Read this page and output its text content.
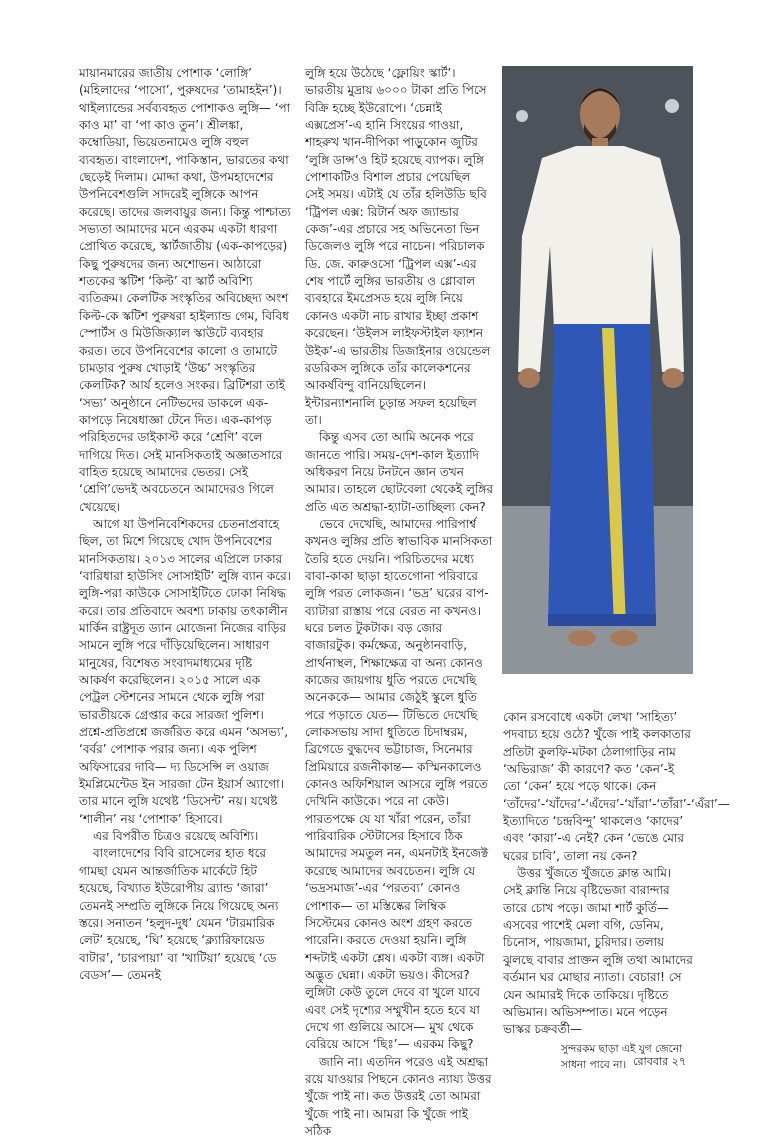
মায়ানমারের জাতীয় পোশাক ‘লোঙ্গি’ (মহিলাদের ‘পাসো’, পুরুষদের ‘তামাহইন’)। থাইল্যান্ডের সর্বব্যবহৃত পোশাকও লুঙ্গি— ‘পা কাও মা’ বা ‘পা কাও তুন’। শ্রীলঙ্কা, কম্বোডিয়া, ভিয়েতনামেও লুঙ্গি বহুল ব্যবহৃত। বাংলাদেশ, পাকিস্তান, ভারতের কথা ছেড়েই দিলাম। মোদ্দা কথা, উপমহাদেশের উপনিবেশগুলি সাদরেই লুঙ্গিকে আপন করেছে। তাদের জলবায়ুর জন্য। কিন্তু পাশ্চাত্য সভ্যতা আমাদের মনে এরকম একটা ধারণা প্রোথিত করেছে, স্কার্টজাতীয় (এক-কাপড়ের) কিছু পুরুষদের জন্য অশোভন। আঠারো শতকের স্কটিশ ‘কিল্ট’ বা স্কার্ট অবিশ্যি ব্যতিক্রম। কেলটিক সংস্কৃতির অবিচ্ছেদ্য অংশ কিল্ট-কে স্কটিশ পুরুষরা হাইল্যান্ড গেম, বিবিধ স্পোর্টস ও মিউজিক্যাল স্কাউটে ব্যবহার করত। তবে উপনিবেশের কালো ও তামাটে চামড়ার পুরুষ খোড়াই ‘উচ্চ’ সংস্কৃতির কেলটিক? আর্য হলেও সংকর। ব্রিটিশরা তাই ‘সভ্য’ অনুষ্ঠানে নেটিভদের ডাকলে এক-কাপড়ে নিষেধাজ্ঞা টেনে দিত। এক-কাপড় পরিহিতদের ডাইকাস্ট করে ‘শ্রেণি’ বলে দাগিয়ে দিত। সেই মানসিকতাই অজ্ঞাতসারে বাহিত হয়েছে আমাদের ভেতর। সেই ‘শ্রেণি’ভেদই অবচেতনে আমাদেরও গিলে খেয়েছে।

আগে যা উপনিবেশিকদের চেতনাপ্রবাহে ছিল, তা মিশে গিয়েছে খোদ উপনিবেশের মানসিকতায়। ২০১৩ সালের এপ্রিলে ঢাকার ‘বারিধারা হাউসিং সোসাইটি’ লুঙ্গি ব্যান করে। লুঙ্গি-পরা কাউকে সোসাইটিতে ঢোকা নিষিদ্ধ করে। তার প্রতিবাদে অবশ্য ঢাকায় তৎকালীন মার্কিন রাষ্ট্রদূত ড্যান মোজেনা নিজের বাড়ির সামনে লুঙ্গি পরে দাঁড়িয়েছিলেন। সাধারণ মানুষের, বিশেষত সংবাদমাধ্যমের দৃষ্টি আকর্ষণ করেছিলেন। ২০১৫ সালে এক পেট্রল স্টেশনের সামনে থেকে লুঙ্গি পরা ভারতীয়কে গ্রেপ্তার করে সারজা পুলিশ। প্রশ্নে-প্রতিপ্রশ্নে জর্জরিত করে এমন ‘অসভ্য’, ‘বর্বর’ পোশাক পরার জন্য। এক পুলিশ অফিসারের দাবি— দ্য ডিসেন্সি ল ওয়াজ ইমপ্লিমেন্টেড ইন সারজা টেন ইয়ার্স অ্যাগো। তার মানে লুঙ্গি যথেষ্ট ‘ডিসেন্ট’ নয়। যথেষ্ট ‘শালীন’ নয় ‘পোশাক’ হিসাবে।

এর বিপরীত চিত্রও রয়েছে অবিশ্যি।

বাংলাদেশের বিবি রাসেলের হাত ধরে গামছা যেমন আন্তর্জাতিক মার্কেটে হিট হয়েছে, বিখ্যাত ইউরোপীয় ব্র্যান্ড ‘জারা’ তেমনই সম্প্রতি লুঙ্গিকে নিয়ে গিয়েছে অন্য স্তরে। সনাতন ‘হলুদ-দুধ’ যেমন ‘টারমারিক লেট’ হয়েছে, ‘ঘি’ হয়েছে ‘ক্ল্যারিফায়েড বাটার’, ‘চারপায়া’ বা ‘খাটিয়া’ হয়েছে ‘ডে বেডস’— তেমনই

লুঙ্গি হয়ে উঠেছে ‘ফ্লোয়িং স্কার্ট’। ভারতীয় মুদ্রায় ৬০০০ টাকা প্রতি পিসে বিক্রি হচ্ছে ইউরোপে। ‘চেন্নাই এক্সপ্রেস’-এ হানি সিংয়ের গাওয়া, শাহরুখ খান-দীপিকা পাড়ুকোন জুটির ‘লুঙ্গি ডান্স’ও হিট হয়েছে ব্যাপক। লুঙ্গি পোশাকটিও বিশাল প্রচার পেয়েছিল সেই সময়। এটাই যে তাঁর হলিউডি ছবি ‘ট্রিপল এক্স: রিটার্ন অফ জ্যান্ডার কেজ’-এর প্রচারে সহ অভিনেতা ভিন ডিজেলও লুঙ্গি পরে নাচেন। পরিচালক ডি. জে. কারুওসো ‘ট্রিপল এক্স’-এর শেষ পার্টে লুঙ্গির ভারতীয় ও গ্লোবাল ব্যবহারে ইমপ্রেসড হয়ে লুঙ্গি নিয়ে কোনও একটা নাচ রাখার ইচ্ছা প্রকাশ করেছেন। ‘উইলস লাইফস্টাইল ফ্যাশন উইক’-এ ভারতীয় ডিজাইনার ওয়েন্ডেল রডরিকস লুঙ্গিকে তাঁর কালেকশনের আকর্ষবিন্দু বানিয়েছিলেন। ইন্টারন্যাশনালি চূড়ান্ত সফল হয়েছিল তা।

কিন্তু এসব তো আমি অনেক পরে জানতে পারি। সময়-দেশ-কাল ইত্যাদি অধিকরণ নিয়ে টনটনে জ্ঞান তখন আমার। তাহলে ছোটবেলা থেকেই লুঙ্গির প্রতি এত অশ্রদ্ধা-হ্যাটা-তাচ্ছিল্য কেন?

ভেবে দেখেছি, আমাদের পারিপার্শ্ব কখনও লুঙ্গির প্রতি স্বাভাবিক মানসিকতা তৈরি হতে দেয়নি। পরিচিতদের মধ্যে বাবা-কাকা ছাড়া হাতেগোনা পরিবারে লুঙ্গি পরত লোকজন। ‘ভদ্র’ ঘরের বাপ-ব্যাটারা রাস্তায় পরে বেরত না কখনও। ঘরে চলত টুকটাক। বড় জোর বাজারটুক। কর্মক্ষেত্র, অনুষ্ঠানবাড়ি, প্রার্থনাস্থল, শিক্ষাক্ষেত্র বা অন্য কোনও কাজের জায়গায় ধুতি পরতে দেখেছি অনেককে— আমার জেঠুই স্কুলে ধুতি পরে পড়াতে যেত— টিভিতে দেখেছি লোকসভায় সাদা ধুতিতে চিদাম্বরম, ব্রিগেডে বুদ্ধদেব ভট্টাচাজ, সিনেমার প্রিমিয়ারে রজনীকান্ত— কস্মিনকালেও কোনও অফিশিয়াল আসরে লুঙ্গি পরতে দেখিনি কাউকে। পরে না কেউ। পারতপক্ষে যে যা খাঁরা পরেন, তাঁরা পারিবারিক স্টেটাসের হিসাবে ঠিক আমাদের সমতুল নন, এমনটাই ইনজেক্ট করেছে আমাদের অবচেতন। লুঙ্গি যে ‘ভদ্রসমাজ’-এর ‘পরতব্য’ কোনও পোশাক— তা মস্তিষ্কের লিম্বিক সিস্টেমের কোনও অংশ গ্রহণ করতে পারেনি। করতে দেওয়া হয়নি। লুঙ্গি শব্দটাই একটা শ্লেষ। একটা ব্যঙ্গ। একটা অদ্ভুত ঘেন্না। একটা ভয়ও। কীসের? লুঙ্গিটা কেউ তুলে দেবে বা খুলে যাবে এবং সেই দৃশ্যের সম্মুখীন হতে হবে যা দেখে গা গুলিয়ে আসে— মুখ থেকে বেরিয়ে আসে ‘ছিঃ’— এরকম কিছু?

জানি না। এতদিন পরেও এই অশ্রদ্ধা রয়ে যাওয়ার পিছনে কোনও ন্যায্য উত্তর খুঁজে পাই না। কত উত্তরই তো আমরা খুঁজে পাই না। আমরা কি খুঁজে পাই সঠিক

কোন রসবোধে একটা লেখা ‘সাহিত্য’ পদবাচ্য হয়ে ওঠে? খুঁজে পাই কলকাতার প্রতিটা কুলফি-মটকা ঠেলাগাড়ির নাম ‘অভিরাজ’ কী কারণে? কত ‘কেন’-ই তো ‘কেন’ হয়ে পড়ে থাকে। কেন ‘তাঁদের’-‘যাঁদের’-‘এঁদের’-‘যাঁরা’-‘তাঁরা’-‘এঁরা’— ইত্যাদিতে ‘চন্দ্রবিন্দু’ থাকলেও ‘কাদের’ এবং ‘কারা’-এ নেই? কেন ‘ভেঙে মোর ঘরের চাবি’, তালা নয় কেন?

উত্তর খুঁজতে খুঁজতে ক্লান্ত আমি। সেই ক্লান্তি নিয়ে বৃষ্টিভেজা বারান্দার তারে চোখ পড়ে। জামা শার্ট কুর্তি— এসবের পাশেই মেলা বগি, ডেনিম, চিনোস, পায়জামা, চুরিদার। তলায় ঝুলছে বাবার প্রাক্তন লুঙ্গি তথা আমাদের বর্তমান ঘর মোছার ন্যাতা। বেচারা! সে যেন আমারই দিকে তাকিয়ে। দৃষ্টিতে অভিমান। অভিসম্পাত। মনে পড়েন ভাস্কর চক্রবর্তী—

সুন্দরকম ছাড়া এই যুগ জেনো
সাধনা পাবে না। রোববার ২৭
